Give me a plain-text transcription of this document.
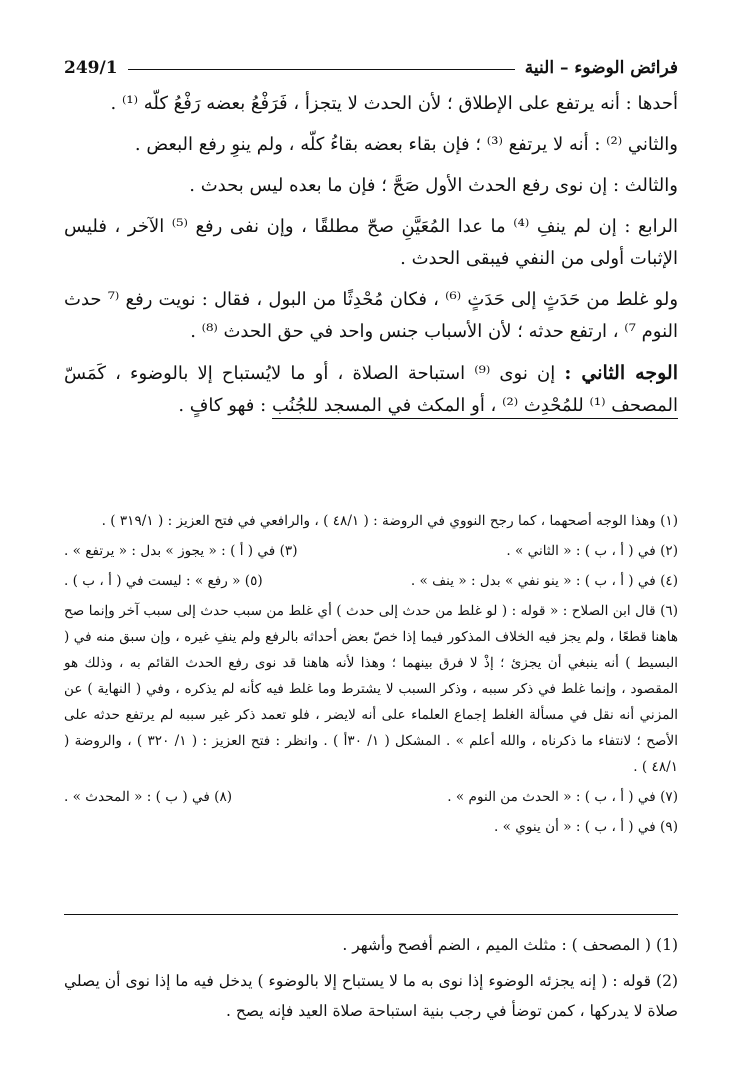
فرائض الوضوء – النية
249/1

أحدها : أنه يرتفع على الإطلاق ؛ لأن الحدث لا يتجزأ ، فَرَفْعُ بعضه رَفْعُ كلّه ⁽¹⁾ .

والثاني ⁽²⁾ : أنه لا يرتفع ⁽³⁾ ؛ فإن بقاء بعضه بقاءُ كلّه ، ولم ينوِ رفع البعض .

والثالث : إن نوى رفع الحدث الأول صَحَّ ؛ فإن ما بعده ليس بحدث .

الرابع : إن لم ينفِ ⁽⁴⁾ ما عدا المُعَيَّنِ صحّ مطلقًا ، وإن نفى رفع ⁽⁵⁾ الآخر ، فليس الإثبات أولى من النفي فيبقى الحدث .

ولو غلط من حَدَثٍ إلى حَدَثٍ ⁽⁶⁾ ، فكان مُحْدِثًا من البول ، فقال : نويت رفع ⁽⁷ حدث النوم ⁷⁾ ، ارتفع حدثه ؛ لأن الأسباب جنس واحد في حق الحدث ⁽⁸⁾ .

الوجه الثاني : إن نوى ⁽⁹⁾ استباحة الصلاة ، أو ما لايُستباح إلا بالوضوء ، كَمَسّ المصحف ⁽¹⁾ للمُحْدِث ⁽²⁾ ، أو المكث في المسجد للجُنُب : فهو كافٍ .

(١) وهذا الوجه أصحهما ، كما رجح النووي في الروضة : ( ٤٨/١ ) ، والرافعي في فتح العزيز : ( ٣١٩/١ ) .
(٢) في ( أ ، ب ) : « الثاني » .
(٣) في ( أ ) : « يجوز » بدل : « يرتفع » .
(٤) في ( أ ، ب ) : « ينو نفي » بدل : « ينف » .
(٥) « رفع » : ليست في ( أ ، ب ) .
(٦) قال ابن الصلاح : « قوله : ( لو غلط من حدث إلى حدث ) أي غلط من سبب حدث إلى سبب آخر وإنما صح هاهنا قطعًا ، ولم يجز فيه الخلاف المذكور فيما إذا خصّ بعض أحداثه بالرفع ولم ينفِ غيره ، وإن سبق منه في ( البسيط ) أنه ينبغي أن يجزئ ؛ إذْ لا فرق بينهما ؛ وهذا لأنه هاهنا قد نوى رفع الحدث القائم به ، وذلك هو المقصود ، وإنما غلط في ذكر سببه ، وذكر السبب لا يشترط وما غلط فيه كأنه لم يذكره ، وفي ( النهاية ) عن المزني أنه نقل في مسألة الغلط إجماع العلماء على أنه لايضر ، فلو تعمد ذكر غير سببه لم يرتفع حدثه على الأصح ؛ لانتفاء ما ذكرناه ، والله أعلم » . المشكل ( ١/ ٣٠أ ) . وانظر : فتح العزيز : ( ١/ ٣٢٠ ) ، والروضة ( ٤٨/١ ) .
(٧) في ( أ ، ب ) : « الحدث من النوم » .
(٨) في ( ب ) : « المحدث » .
(٩) في ( أ ، ب ) : « أن ينوي » .

(1) ( المصحف ) : مثلث الميم ، الضم أفصح وأشهر .

(2) قوله : ( إنه يجزئه الوضوء إذا نوى به ما لا يستباح إلا بالوضوء ) يدخل فيه ما إذا نوى أن يصلي صلاة لا يدركها ، كمن توضأ في رجب بنية استباحة صلاة العيد فإنه يصح .
